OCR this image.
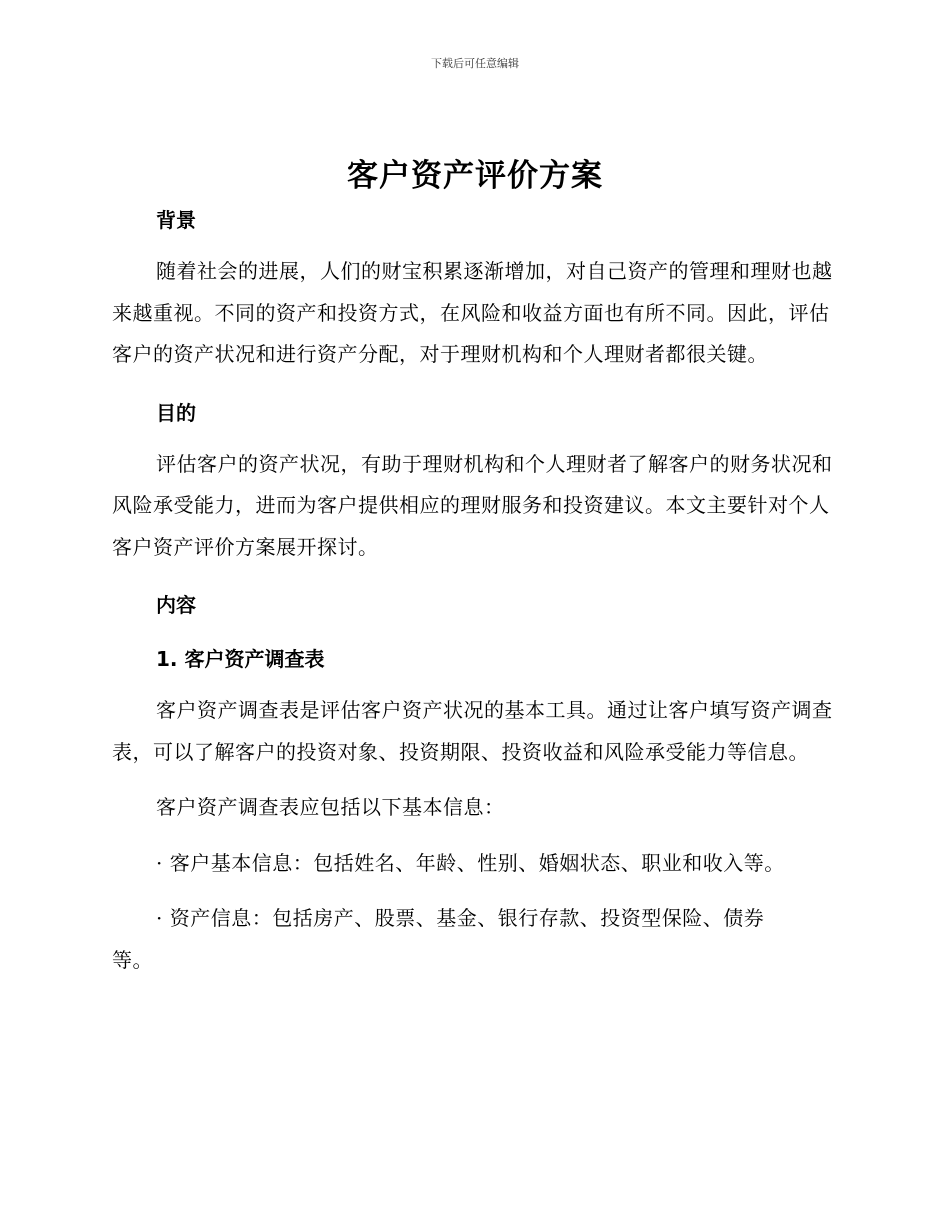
下载后可任意编辑
客户资产评价方案

背景

随着社会的进展，人们的财宝积累逐渐增加，对自己资产的管理和理财也越来越重视。不同的资产和投资方式，在风险和收益方面也有所不同。因此，评估客户的资产状况和进行资产分配，对于理财机构和个人理财者都很关键。

目的

评估客户的资产状况，有助于理财机构和个人理财者了解客户的财务状况和风险承受能力，进而为客户提供相应的理财服务和投资建议。本文主要针对个人客户资产评价方案展开探讨。

内容

1. 客户资产调查表

客户资产调查表是评估客户资产状况的基本工具。通过让客户填写资产调查表，可以了解客户的投资对象、投资期限、投资收益和风险承受能力等信息。

客户资产调查表应包括以下基本信息：

· 客户基本信息：包括姓名、年龄、性别、婚姻状态、职业和收入等。

· 资产信息：包括房产、股票、基金、银行存款、投资型保险、债券
等。
